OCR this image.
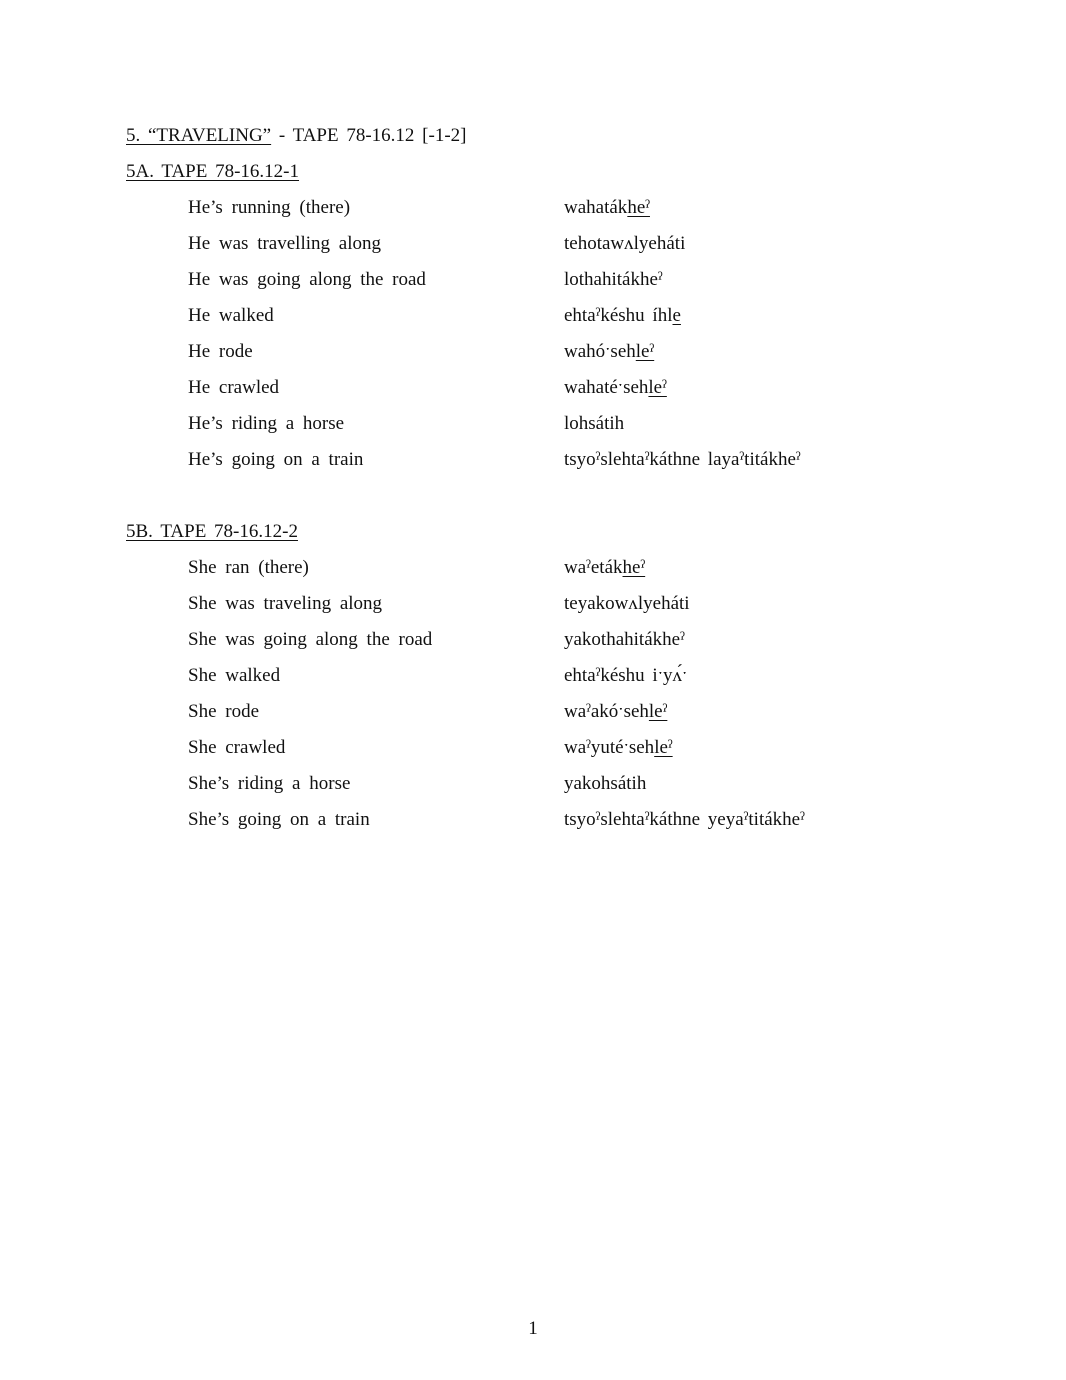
5. “TRAVELING” - TAPE 78-16.12 [-1-2]
5A. TAPE 78-16.12-1
He’s running (there)	wahatákheˀ
He was travelling along	tehotawʌlyeháti
He was going along the road	lothahitákheˀ
He walked	ehtaˀkéshu íhle
He rode	wahóˑsehleˀ
He crawled	wahatéˑsehleˀ
He’s riding a horse	lohsátih
He’s going on a train	tsyoˀslehtaˀkáthne layaˀtitákheˀ
5B. TAPE 78-16.12-2
She ran (there)	waˀetákheˀ
She was traveling along	teyakowʌlyeháti
She was going along the road	yakothahitákheˀ
She walked	ehtaˀkéshu iˑyʌ́ˑ
She rode	waˀakóˑsehleˀ
She crawled	waˀyutéˑsehleˀ
She’s riding a horse	yakohsátih
She’s going on a train	tsyoˀslehtaˀkáthne yeyaˀtitákheˀ
1
